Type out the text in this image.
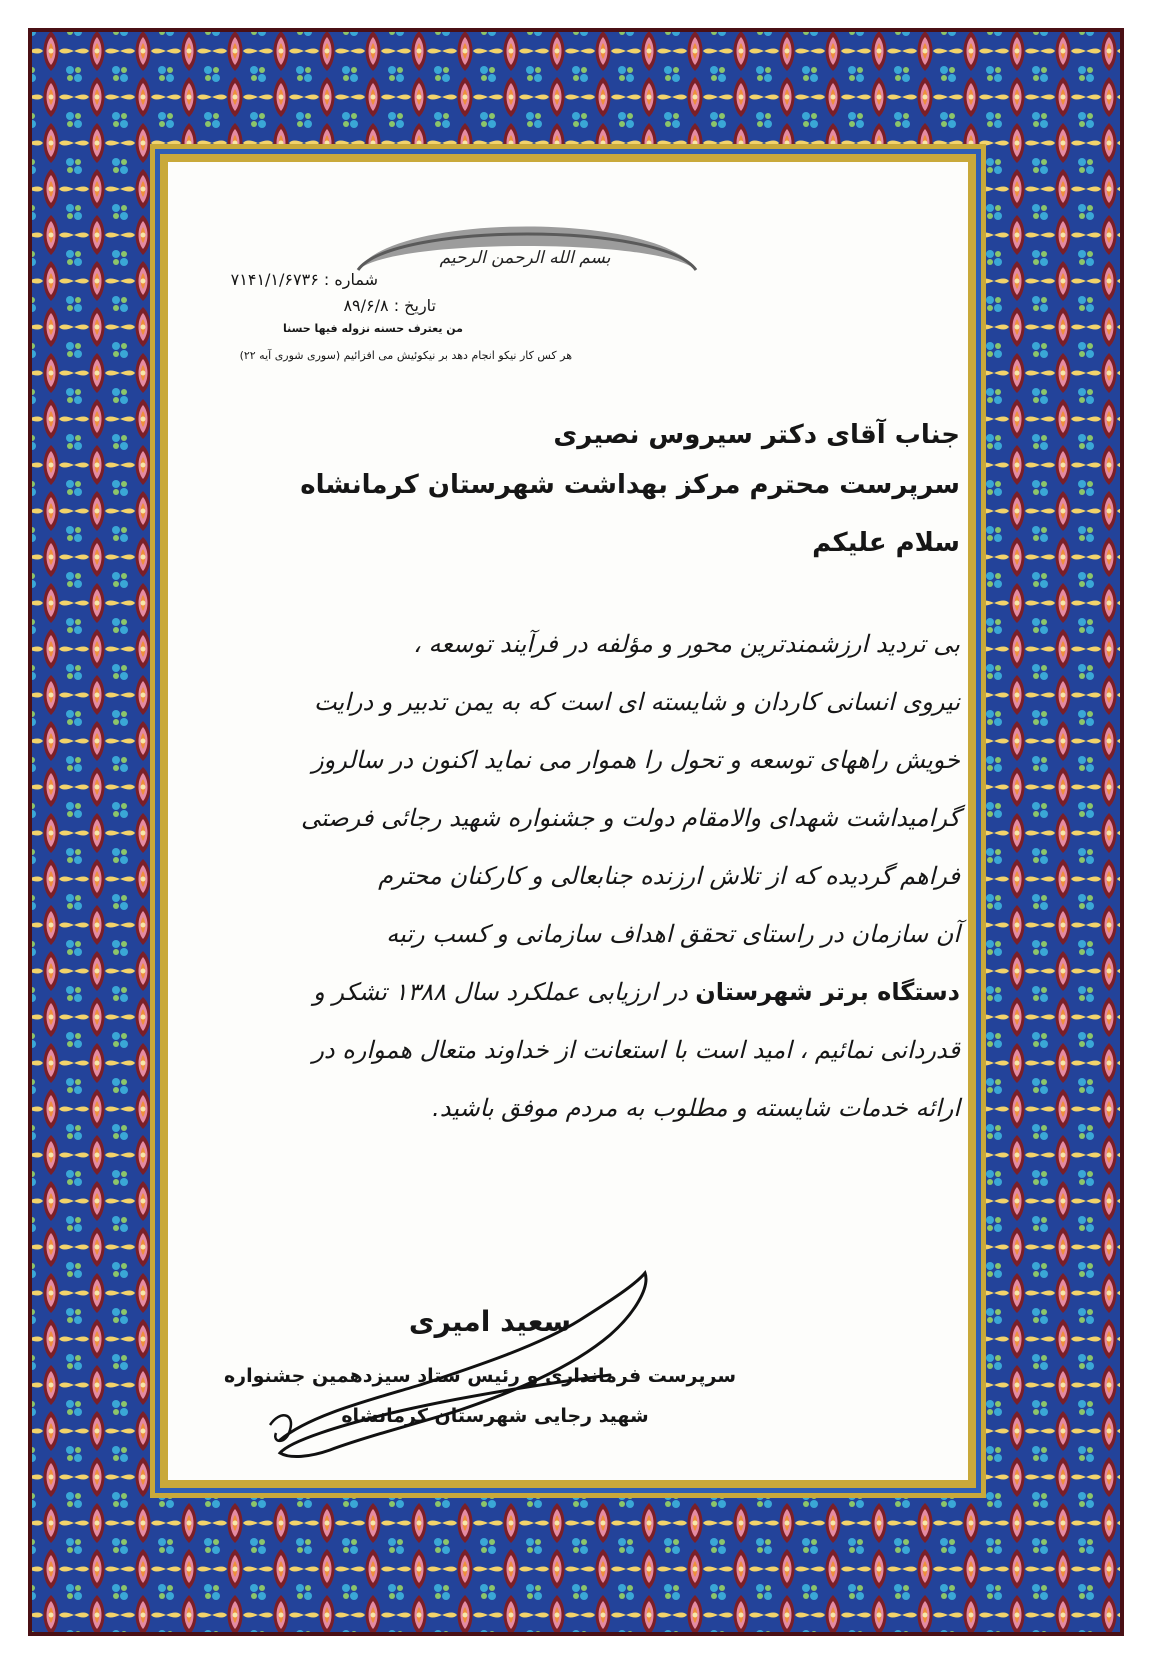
بسم الله الرحمن الرحیم
شماره : ۷۱۴۱/۱/۶۷۳۶
تاریخ : ۸۹/۶/۸
من یعترف حسنه نزوله فیها حسنا
هر کس کار نیکو انجام دهد بر نیکوئیش می افزائیم (سوری شوری آیه ۲۲)
جناب آقای دکتر سیروس نصیری
سرپرست محترم مرکز بهداشت شهرستان کرمانشاه
سلام علیکم
بی تردید ارزشمندترین محور و مؤلفه در فرآیند توسعه ،
نیروی انسانی کاردان و شایسته ای است که به یمن تدبیر و درایت
خویش راههای توسعه و تحول را هموار می نماید اکنون در سالروز
گرامیداشت شهدای والامقام دولت و جشنواره شهید رجائی فرصتی
فراهم گردیده که از تلاش ارزنده جنابعالی و کارکنان محترم
آن سازمان در راستای تحقق اهداف سازمانی و کسب رتبه
دستگاه برتر شهرستان در ارزیابی عملکرد سال ۱۳۸۸ تشکر و
قدردانی نمائیم ، امید است با استعانت از خداوند متعال همواره در
ارائه خدمات شایسته و مطلوب به مردم موفق باشید.
سعید امیری
سرپرست فرمانداری و رئیس ستاد سیزدهمین جشنواره
شهید رجایی شهرستان کرمانشاه
